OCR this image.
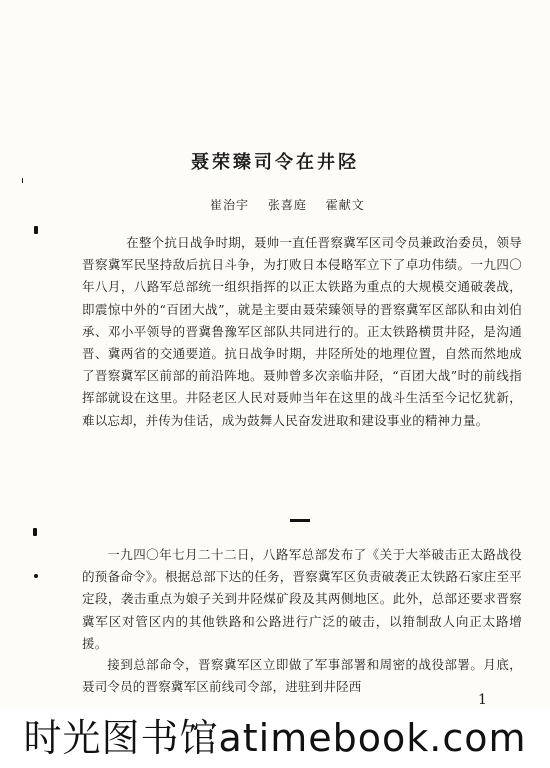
聂荣臻司令在井陉
崔治宇 张喜庭 霍献文
在整个抗日战争时期，聂帅一直任晋察冀军区司令员兼政治委员，领导晋察冀军民坚持敌后抗日斗争，为打败日本侵略军立下了卓功伟绩。一九四〇年八月，八路军总部统一组织指挥的以正太铁路为重点的大规模交通破袭战，即震惊中外的“百团大战”，就是主要由聂荣臻领导的晋察冀军区部队和由刘伯承、邓小平领导的晋冀鲁豫军区部队共同进行的。正太铁路横贯井陉，是沟通晋、冀两省的交通要道。抗日战争时期，井陉所处的地理位置，自然而然地成了晋察冀军区前部的前沿阵地。聂帅曾多次亲临井陉，“百团大战”时的前线指挥部就设在这里。井陉老区人民对聂帅当年在这里的战斗生活至今记忆犹新，难以忘却，并传为佳话，成为鼓舞人民奋发进取和建设事业的精神力量。
一九四〇年七月二十二日，八路军总部发布了《关于大举破击正太路战役的预备命令》。根据总部下达的任务，晋察冀军区负责破袭正太铁路石家庄至平定段，袭击重点为娘子关到井陉煤矿段及其两侧地区。此外，总部还要求晋察冀军区对管区内的其他铁路和公路进行广泛的破击，以箝制敌人向正太路增援。
接到总部命令，晋察冀军区立即做了军事部署和周密的战役部署。月底，聂司令员的晋察冀军区前线司令部，进驻到井陉西
1
时光图书馆atimebook.com
